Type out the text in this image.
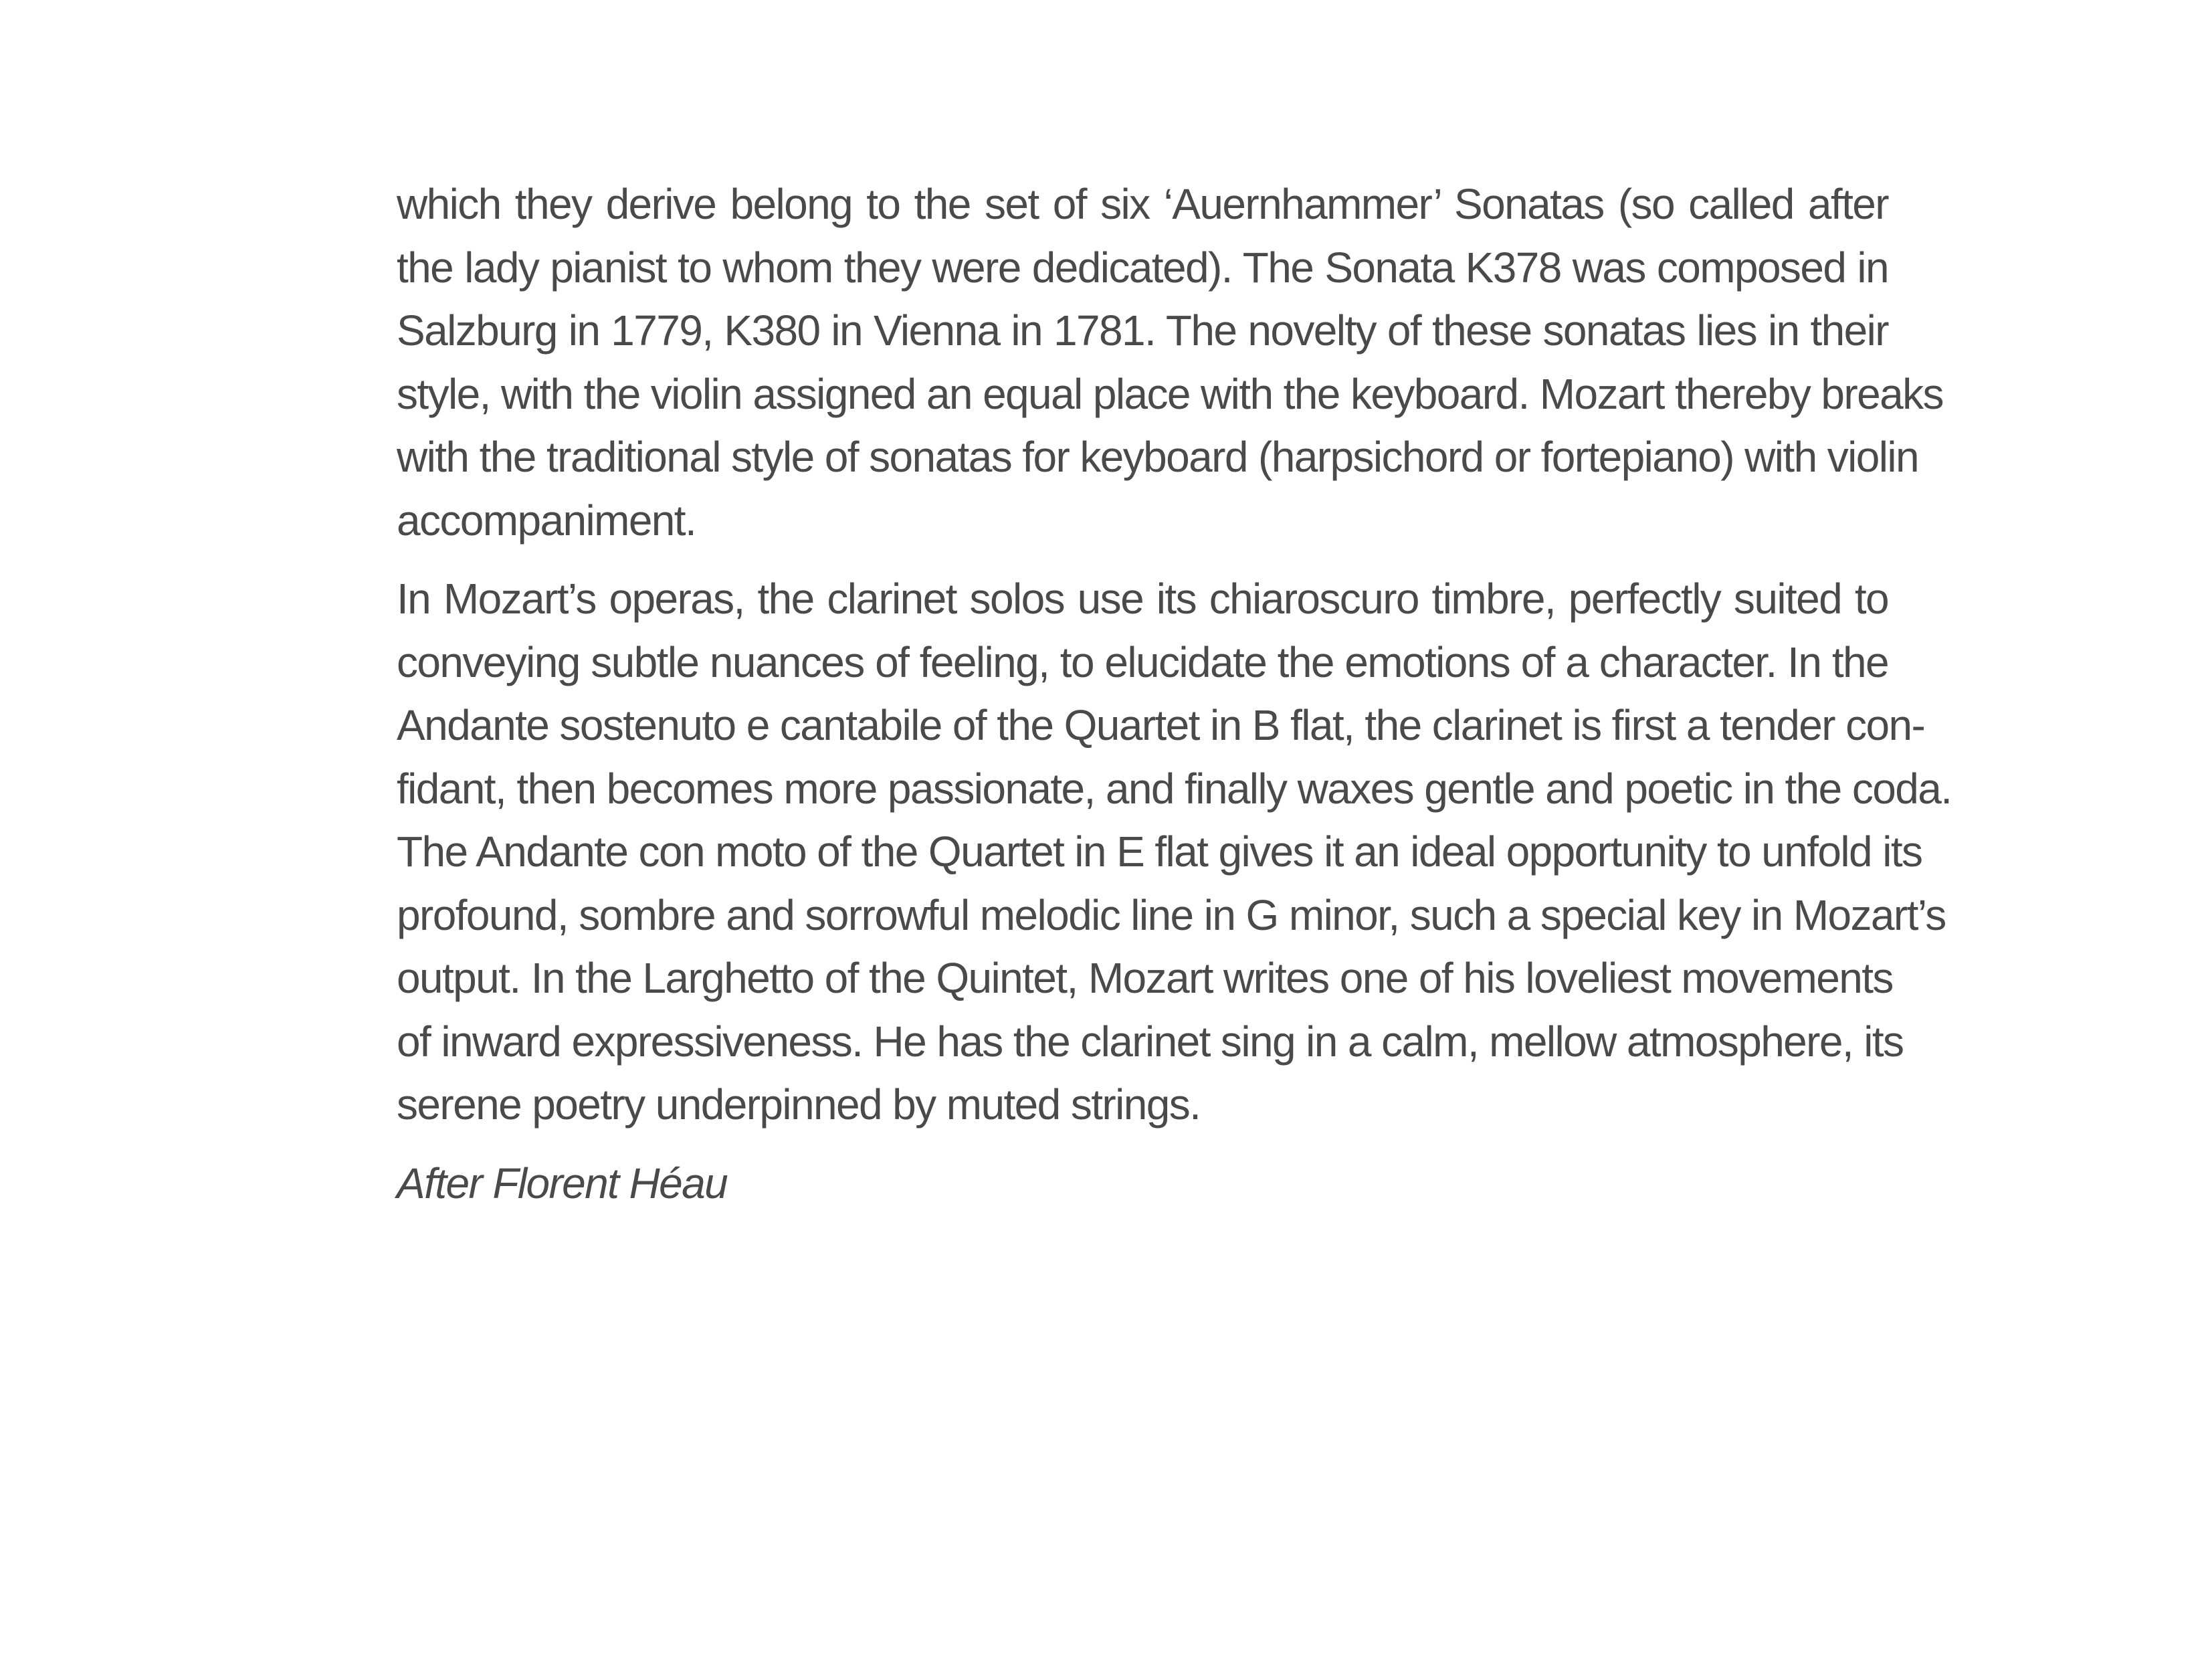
which they derive belong to the set of six ‘Auernhammer’ Sonatas (so called after
the lady pianist to whom they were dedicated). The Sonata K378 was composed in
Salzburg in 1779, K380 in Vienna in 1781. The novelty of these sonatas lies in their
style, with the violin assigned an equal place with the keyboard. Mozart thereby breaks
with the traditional style of sonatas for keyboard (harpsichord or fortepiano) with violin
accompaniment.
In Mozart’s operas, the clarinet solos use its chiaroscuro timbre, perfectly suited to
conveying subtle nuances of feeling, to elucidate the emotions of a character. In the
Andante sostenuto e cantabile of the Quartet in B flat, the clarinet is first a tender con-
fidant, then becomes more passionate, and finally waxes gentle and poetic in the coda.
The Andante con moto of the Quartet in E flat gives it an ideal opportunity to unfold its
profound, sombre and sorrowful melodic line in G minor, such a special key in Mozart’s
output. In the Larghetto of the Quintet, Mozart writes one of his loveliest movements
of inward expressiveness. He has the clarinet sing in a calm, mellow atmosphere, its
serene poetry underpinned by muted strings.
After Florent Héau
